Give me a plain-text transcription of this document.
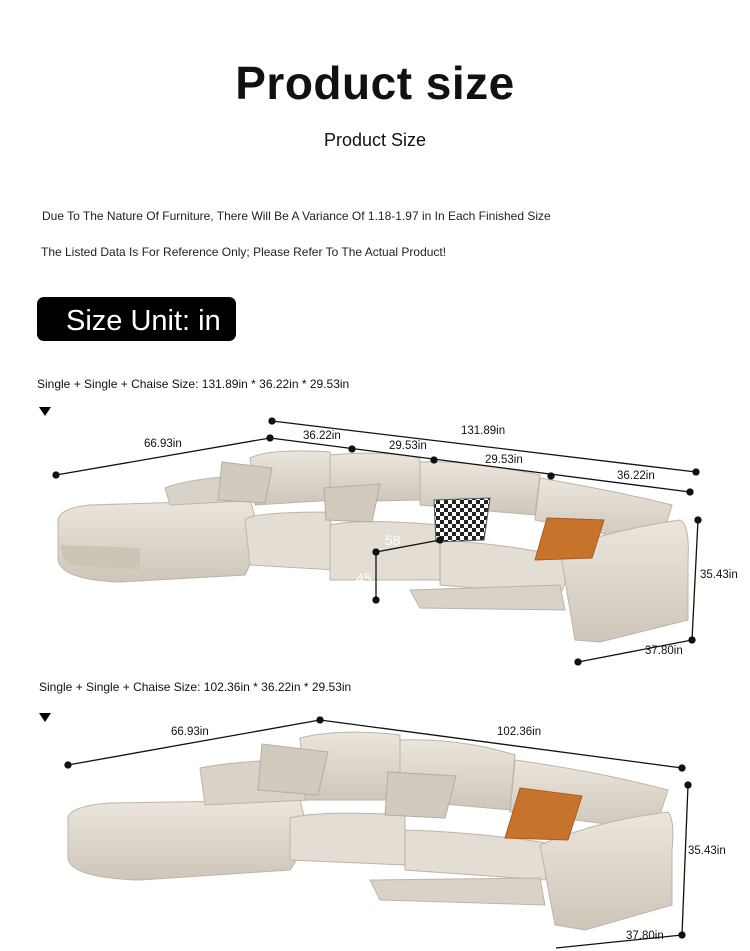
Product size
Product Size
Due To The Nature Of Furniture, There Will Be A Variance Of 1.18-1.97 in In Each Finished Size
The Listed Data Is For Reference Only; Please Refer To The Actual Product!
Size Unit: in
Single + Single + Chaise Size: 131.89in * 36.22in * 29.53in
66.93in
131.89in
36.22in
29.53in
29.53in
36.22in
35.43in
37.80in
58
45
Single + Single + Chaise Size: 102.36in * 36.22in * 29.53in
66.93in	102.36in
35.43in
37.80in
